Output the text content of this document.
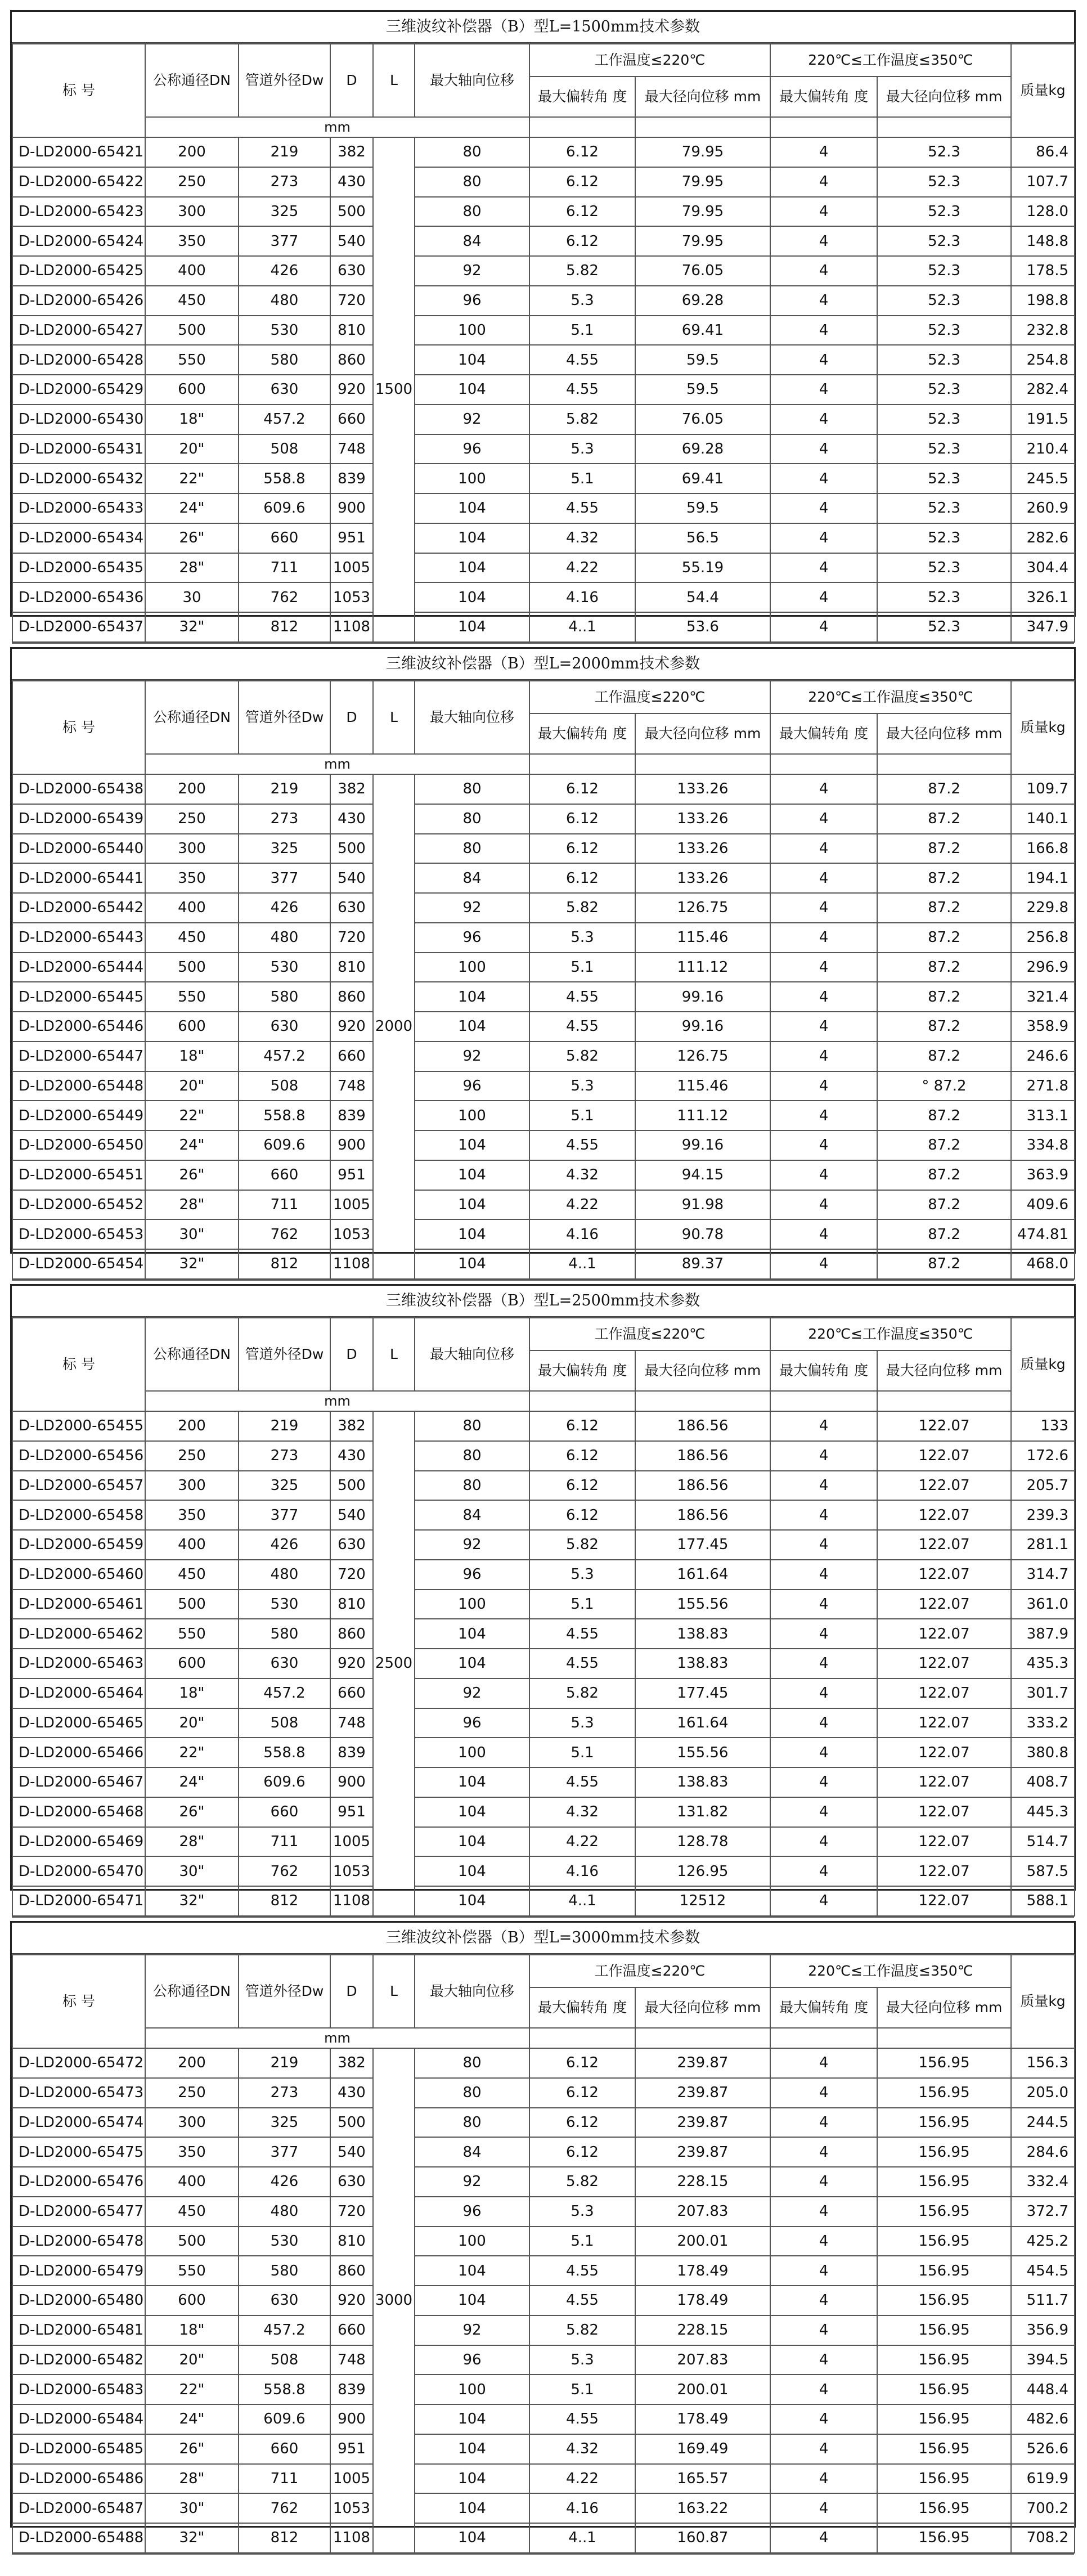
三维波纹补偿器（B）型L=1500mm技术参数
标 号	公称通径DN	管道外径Dw	D	L	最大轴向位移	工作温度≤220℃		220℃≤工作温度≤350℃		质量kg
						最大偏转角 度	最大径向位移 mm	最大偏转角 度	最大径向位移 mm	
	mm									
D-LD2000-65421	200	219	382	1500	80	6.12	79.95	4	52.3	86.4
D-LD2000-65422	250	273	430		80	6.12	79.95	4	52.3	107.7
D-LD2000-65423	300	325	500		80	6.12	79.95	4	52.3	128.0
D-LD2000-65424	350	377	540		84	6.12	79.95	4	52.3	148.8
D-LD2000-65425	400	426	630		92	5.82	76.05	4	52.3	178.5
D-LD2000-65426	450	480	720		96	5.3	69.28	4	52.3	198.8
D-LD2000-65427	500	530	810		100	5.1	69.41	4	52.3	232.8
D-LD2000-65428	550	580	860		104	4.55	59.5	4	52.3	254.8
D-LD2000-65429	600	630	920		104	4.55	59.5	4	52.3	282.4
D-LD2000-65430	18"	457.2	660		92	5.82	76.05	4	52.3	191.5
D-LD2000-65431	20"	508	748		96	5.3	69.28	4	52.3	210.4
D-LD2000-65432	22"	558.8	839		100	5.1	69.41	4	52.3	245.5
D-LD2000-65433	24"	609.6	900		104	4.55	59.5	4	52.3	260.9
D-LD2000-65434	26"	660	951		104	4.32	56.5	4	52.3	282.6
D-LD2000-65435	28"	711	1005		104	4.22	55.19	4	52.3	304.4
D-LD2000-65436	30	762	1053		104	4.16	54.4	4	52.3	326.1
D-LD2000-65437	32"	812	1108		104	4..1	53.6	4	52.3	347.9
三维波纹补偿器（B）型L=2000mm技术参数
标 号	公称通径DN	管道外径Dw	D	L	最大轴向位移	工作温度≤220℃		220℃≤工作温度≤350℃		质量kg
						最大偏转角 度	最大径向位移 mm	最大偏转角 度	最大径向位移 mm	
	mm									
D-LD2000-65438	200	219	382	2000	80	6.12	133.26	4	87.2	109.7
D-LD2000-65439	250	273	430		80	6.12	133.26	4	87.2	140.1
D-LD2000-65440	300	325	500		80	6.12	133.26	4	87.2	166.8
D-LD2000-65441	350	377	540		84	6.12	133.26	4	87.2	194.1
D-LD2000-65442	400	426	630		92	5.82	126.75	4	87.2	229.8
D-LD2000-65443	450	480	720		96	5.3	115.46	4	87.2	256.8
D-LD2000-65444	500	530	810		100	5.1	111.12	4	87.2	296.9
D-LD2000-65445	550	580	860		104	4.55	99.16	4	87.2	321.4
D-LD2000-65446	600	630	920		104	4.55	99.16	4	87.2	358.9
D-LD2000-65447	18"	457.2	660		92	5.82	126.75	4	87.2	246.6
D-LD2000-65448	20"	508	748		96	5.3	115.46	4	° 87.2	271.8
D-LD2000-65449	22"	558.8	839		100	5.1	111.12	4	87.2	313.1
D-LD2000-65450	24"	609.6	900		104	4.55	99.16	4	87.2	334.8
D-LD2000-65451	26"	660	951		104	4.32	94.15	4	87.2	363.9
D-LD2000-65452	28"	711	1005		104	4.22	91.98	4	87.2	409.6
D-LD2000-65453	30"	762	1053		104	4.16	90.78	4	87.2	474.81
D-LD2000-65454	32"	812	1108		104	4..1	89.37	4	87.2	468.0
三维波纹补偿器（B）型L=2500mm技术参数
标 号	公称通径DN	管道外径Dw	D	L	最大轴向位移	工作温度≤220℃		220℃≤工作温度≤350℃		质量kg
						最大偏转角 度	最大径向位移 mm	最大偏转角 度	最大径向位移 mm	
	mm									
D-LD2000-65455	200	219	382	2500	80	6.12	186.56	4	122.07	133
D-LD2000-65456	250	273	430		80	6.12	186.56	4	122.07	172.6
D-LD2000-65457	300	325	500		80	6.12	186.56	4	122.07	205.7
D-LD2000-65458	350	377	540		84	6.12	186.56	4	122.07	239.3
D-LD2000-65459	400	426	630		92	5.82	177.45	4	122.07	281.1
D-LD2000-65460	450	480	720		96	5.3	161.64	4	122.07	314.7
D-LD2000-65461	500	530	810		100	5.1	155.56	4	122.07	361.0
D-LD2000-65462	550	580	860		104	4.55	138.83	4	122.07	387.9
D-LD2000-65463	600	630	920		104	4.55	138.83	4	122.07	435.3
D-LD2000-65464	18"	457.2	660		92	5.82	177.45	4	122.07	301.7
D-LD2000-65465	20"	508	748		96	5.3	161.64	4	122.07	333.2
D-LD2000-65466	22"	558.8	839		100	5.1	155.56	4	122.07	380.8
D-LD2000-65467	24"	609.6	900		104	4.55	138.83	4	122.07	408.7
D-LD2000-65468	26"	660	951		104	4.32	131.82	4	122.07	445.3
D-LD2000-65469	28"	711	1005		104	4.22	128.78	4	122.07	514.7
D-LD2000-65470	30"	762	1053		104	4.16	126.95	4	122.07	587.5
D-LD2000-65471	32"	812	1108		104	4..1	12512	4	122.07	588.1
三维波纹补偿器（B）型L=3000mm技术参数
标 号	公称通径DN	管道外径Dw	D	L	最大轴向位移	工作温度≤220℃		220℃≤工作温度≤350℃		质量kg
						最大偏转角 度	最大径向位移 mm	最大偏转角 度	最大径向位移 mm	
	mm									
D-LD2000-65472	200	219	382	3000	80	6.12	239.87	4	156.95	156.3
D-LD2000-65473	250	273	430		80	6.12	239.87	4	156.95	205.0
D-LD2000-65474	300	325	500		80	6.12	239.87	4	156.95	244.5
D-LD2000-65475	350	377	540		84	6.12	239.87	4	156.95	284.6
D-LD2000-65476	400	426	630		92	5.82	228.15	4	156.95	332.4
D-LD2000-65477	450	480	720		96	5.3	207.83	4	156.95	372.7
D-LD2000-65478	500	530	810		100	5.1	200.01	4	156.95	425.2
D-LD2000-65479	550	580	860		104	4.55	178.49	4	156.95	454.5
D-LD2000-65480	600	630	920		104	4.55	178.49	4	156.95	511.7
D-LD2000-65481	18"	457.2	660		92	5.82	228.15	4	156.95	356.9
D-LD2000-65482	20"	508	748		96	5.3	207.83	4	156.95	394.5
D-LD2000-65483	22"	558.8	839		100	5.1	200.01	4	156.95	448.4
D-LD2000-65484	24"	609.6	900		104	4.55	178.49	4	156.95	482.6
D-LD2000-65485	26"	660	951		104	4.32	169.49	4	156.95	526.6
D-LD2000-65486	28"	711	1005		104	4.22	165.57	4	156.95	619.9
D-LD2000-65487	30"	762	1053		104	4.16	163.22	4	156.95	700.2
D-LD2000-65488	32"	812	1108		104	4..1	160.87	4	156.95	708.2
